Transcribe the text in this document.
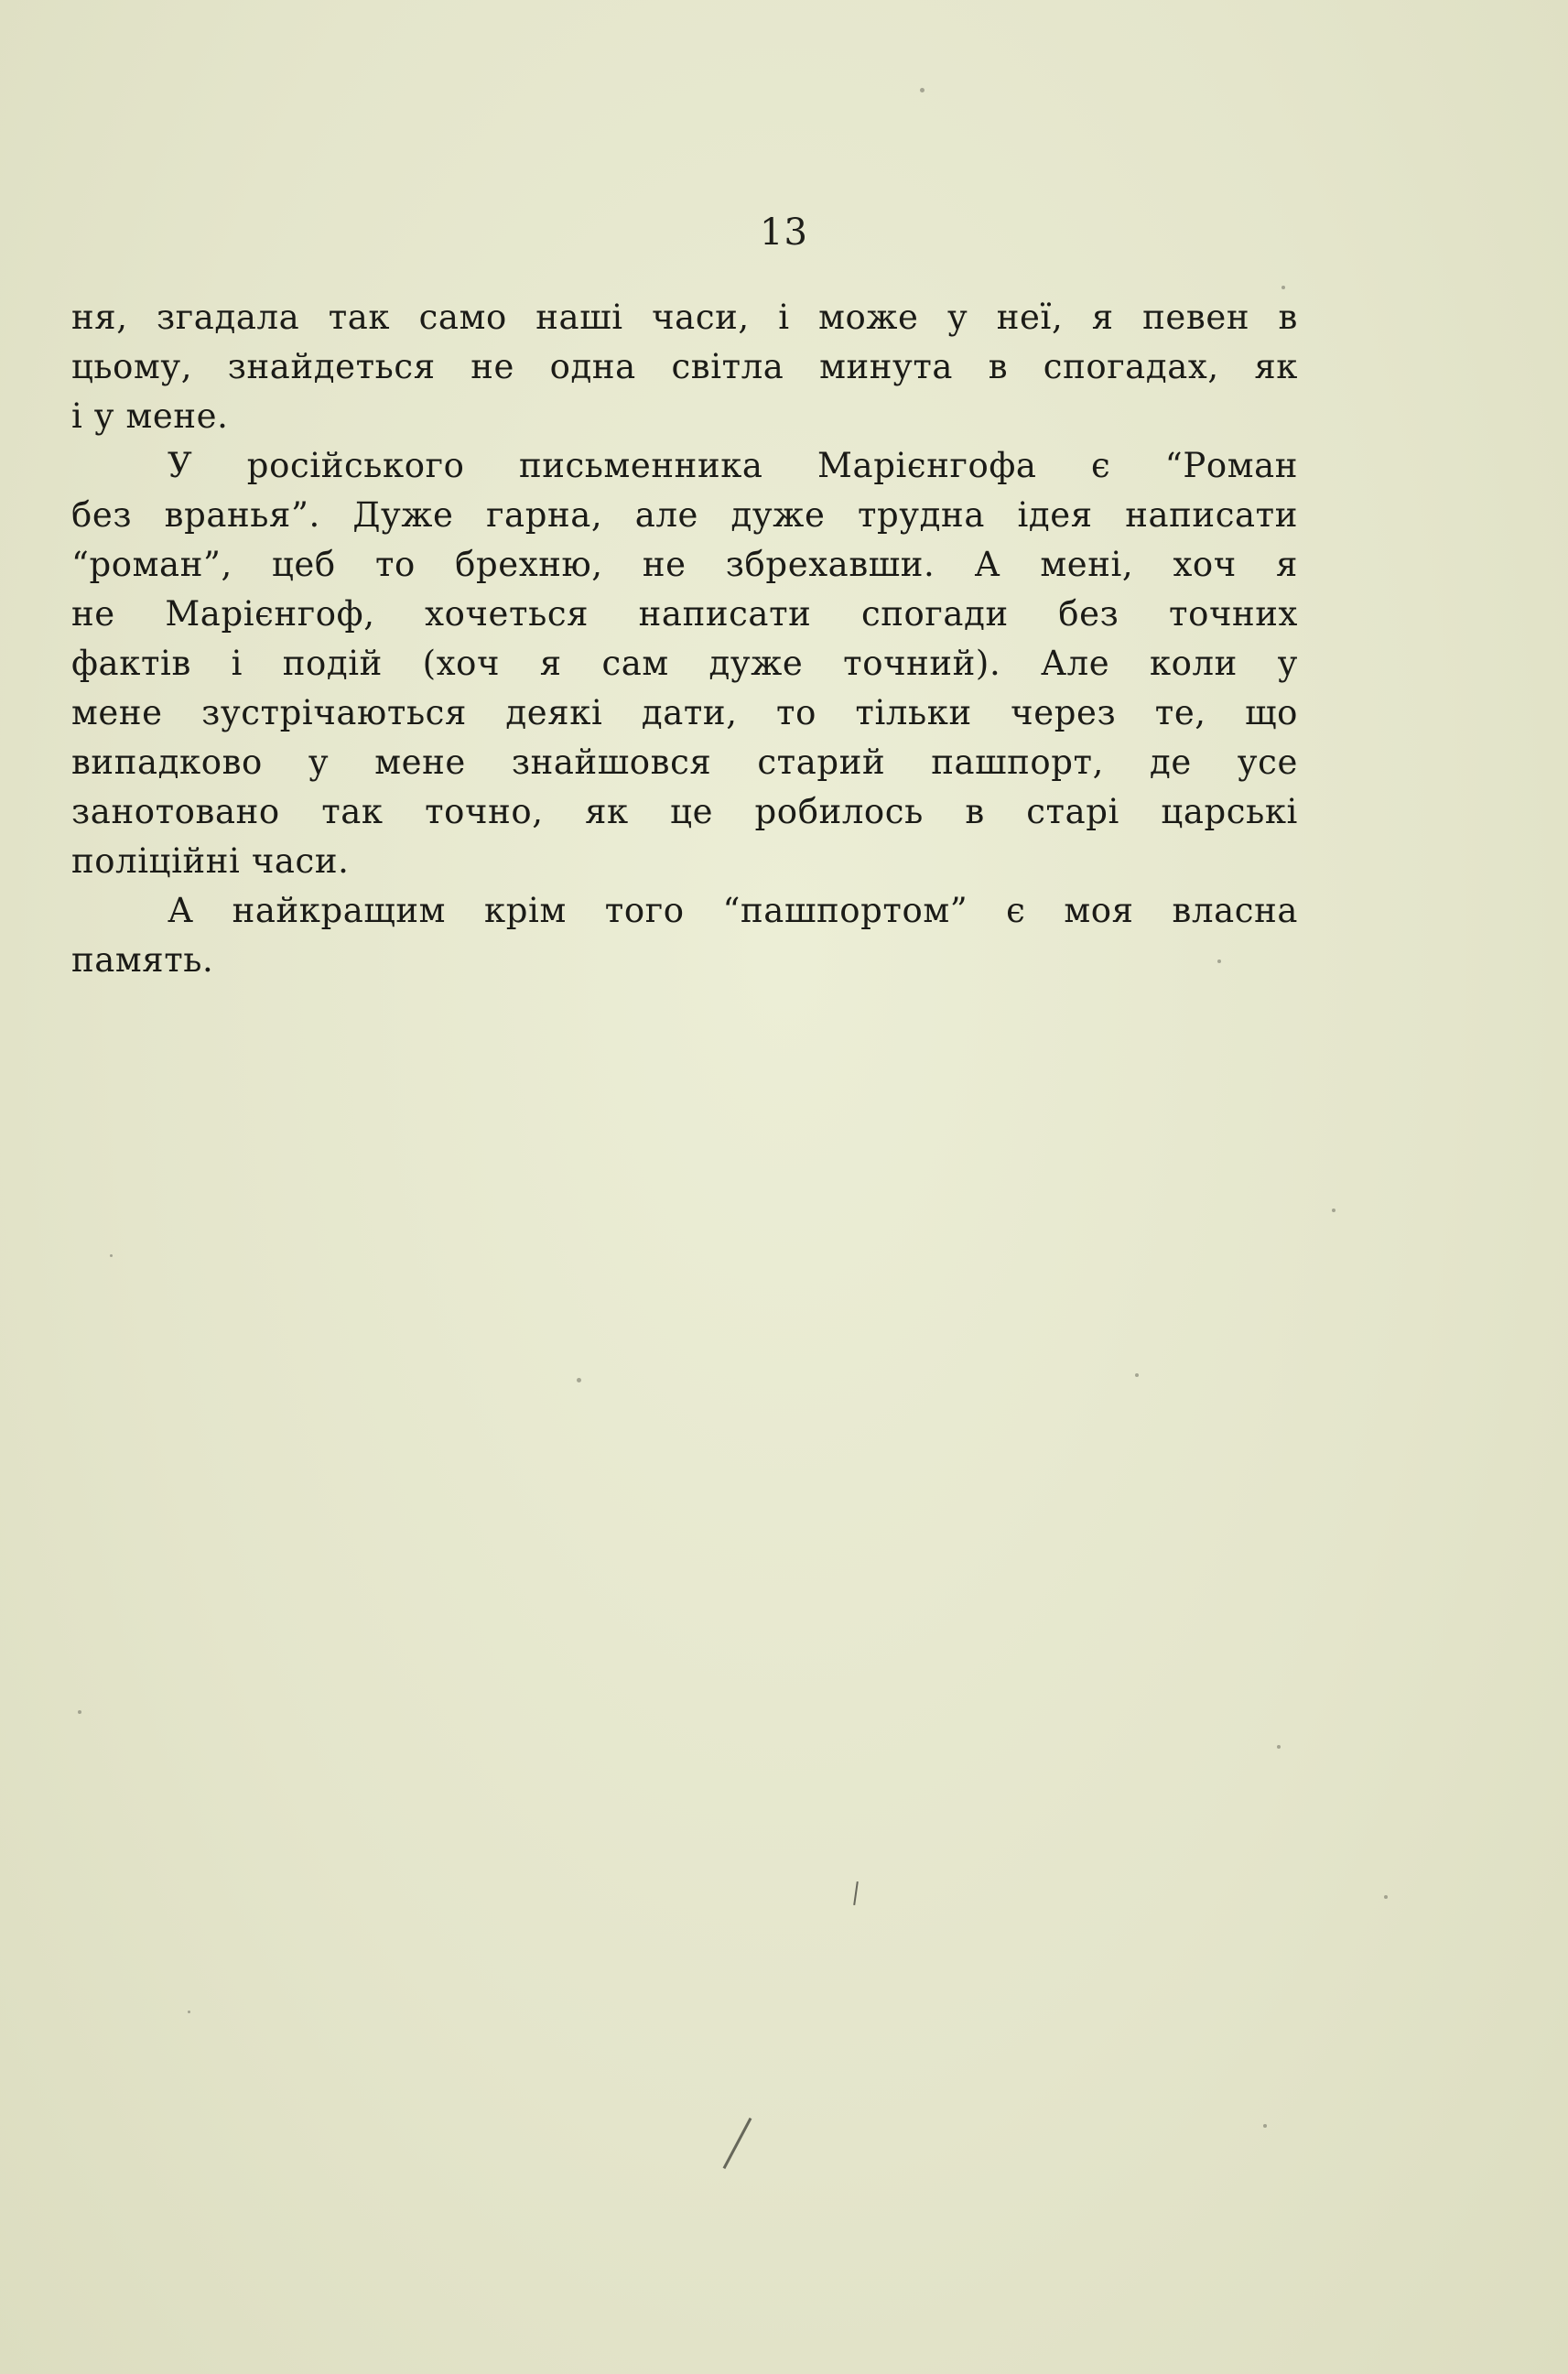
13
ня, згадала так само наші часи, і може у неї, я певен в
цьому, знайдеться не одна світла минута в спогадах, як
і у мене.
У російського письменника Марієнгофа є “Роман
без вранья”. Дуже гарна, але дуже трудна ідея написати
“роман”, цеб то брехню, не збрехавши. А мені, хоч я
не Марієнгоф, хочеться написати спогади без точних
фактів і подій (хоч я сам дуже точний). Але коли у
мене зустрічаються деякі дати, то тільки через те, що
випадково у мене знайшовся старий пашпорт, де усе
занотовано так точно, як це робилось в старі царські
поліційні часи.
А найкращим крім того “пашпортом” є моя власна
память.
